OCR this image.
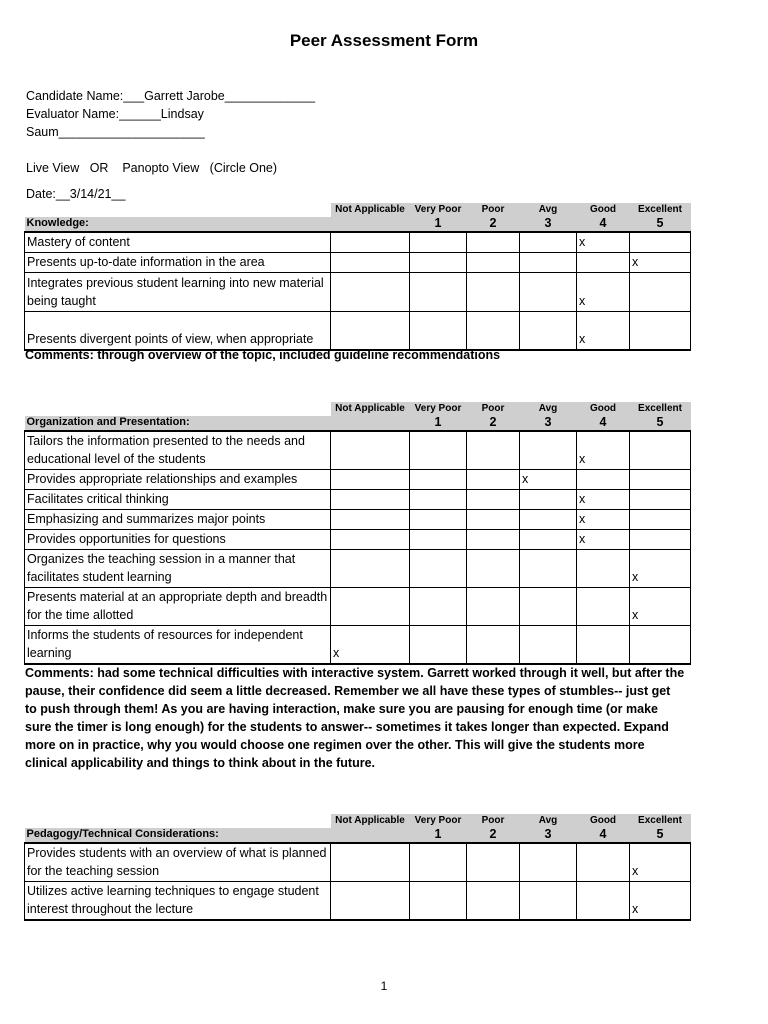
Peer Assessment Form
Candidate Name:___Garrett Jarobe_____________
Evaluator Name:______Lindsay
Saum_____________________
Live View   OR    Panopto View   (Circle One)
Date:__3/14/21__
	Not Applicable	Very Poor	Poor	Avg	Good	Excellent
Knowledge:		1	2	3	4	5
Mastery of content					x	
Presents up-to-date information in the area						x
Integrates previous student learning into new material being taught					x	
Presents divergent points of view, when appropriate					x	
Comments: through overview of the topic, included guideline recommendations
	Not Applicable	Very Poor	Poor	Avg	Good	Excellent
Organization and Presentation:		1	2	3	4	5
Tailors the information presented to the needs and educational level of the students					x	
Provides appropriate relationships and examples				x		
Facilitates critical thinking					x	
Emphasizing and summarizes major points					x	
Provides opportunities for questions					x	
Organizes the teaching session in a manner that facilitates student learning						x
Presents material at an appropriate depth and breadth for the time allotted						x
Informs the students of resources for independent learning	x					
Comments: had some technical difficulties with interactive system. Garrett worked through it well, but after the pause, their confidence did seem a little decreased. Remember we all have these types of stumbles-- just get to push through them! As you are having interaction, make sure you are pausing for enough time (or make sure the timer is long enough) for the students to answer-- sometimes it takes longer than expected. Expand more on in practice, why you would choose one regimen over the other. This will give the students more clinical applicability and things to think about in the future.
	Not Applicable	Very Poor	Poor	Avg	Good	Excellent
Pedagogy/Technical Considerations:		1	2	3	4	5
Provides students with an overview of what is planned for the teaching session						x
Utilizes active learning techniques to engage student interest throughout the lecture						x
1
